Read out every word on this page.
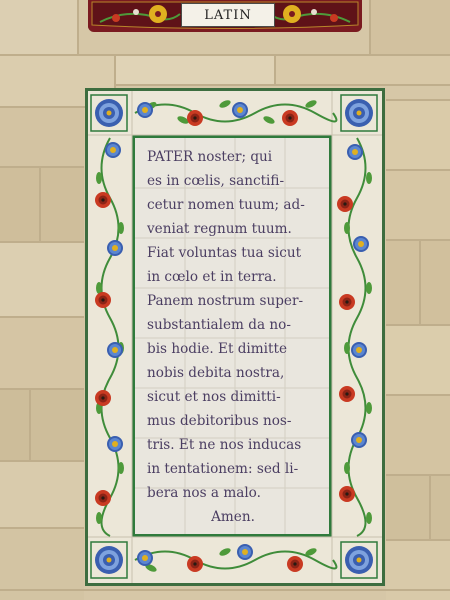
LATIN
PATER noster; qui
es in cœlis, sanctifi-
cetur nomen tuum; ad-
veniat regnum tuum.
Fiat voluntas tua sicut
in cœlo et in terra.
Panem nostrum super-
substantialem da no-
bis hodie. Et dimitte
nobis debita nostra,
sicut et nos dimitti-
mus debitoribus nos-
tris. Et ne nos inducas
in tentationem: sed li-
bera nos a malo.
Amen.
